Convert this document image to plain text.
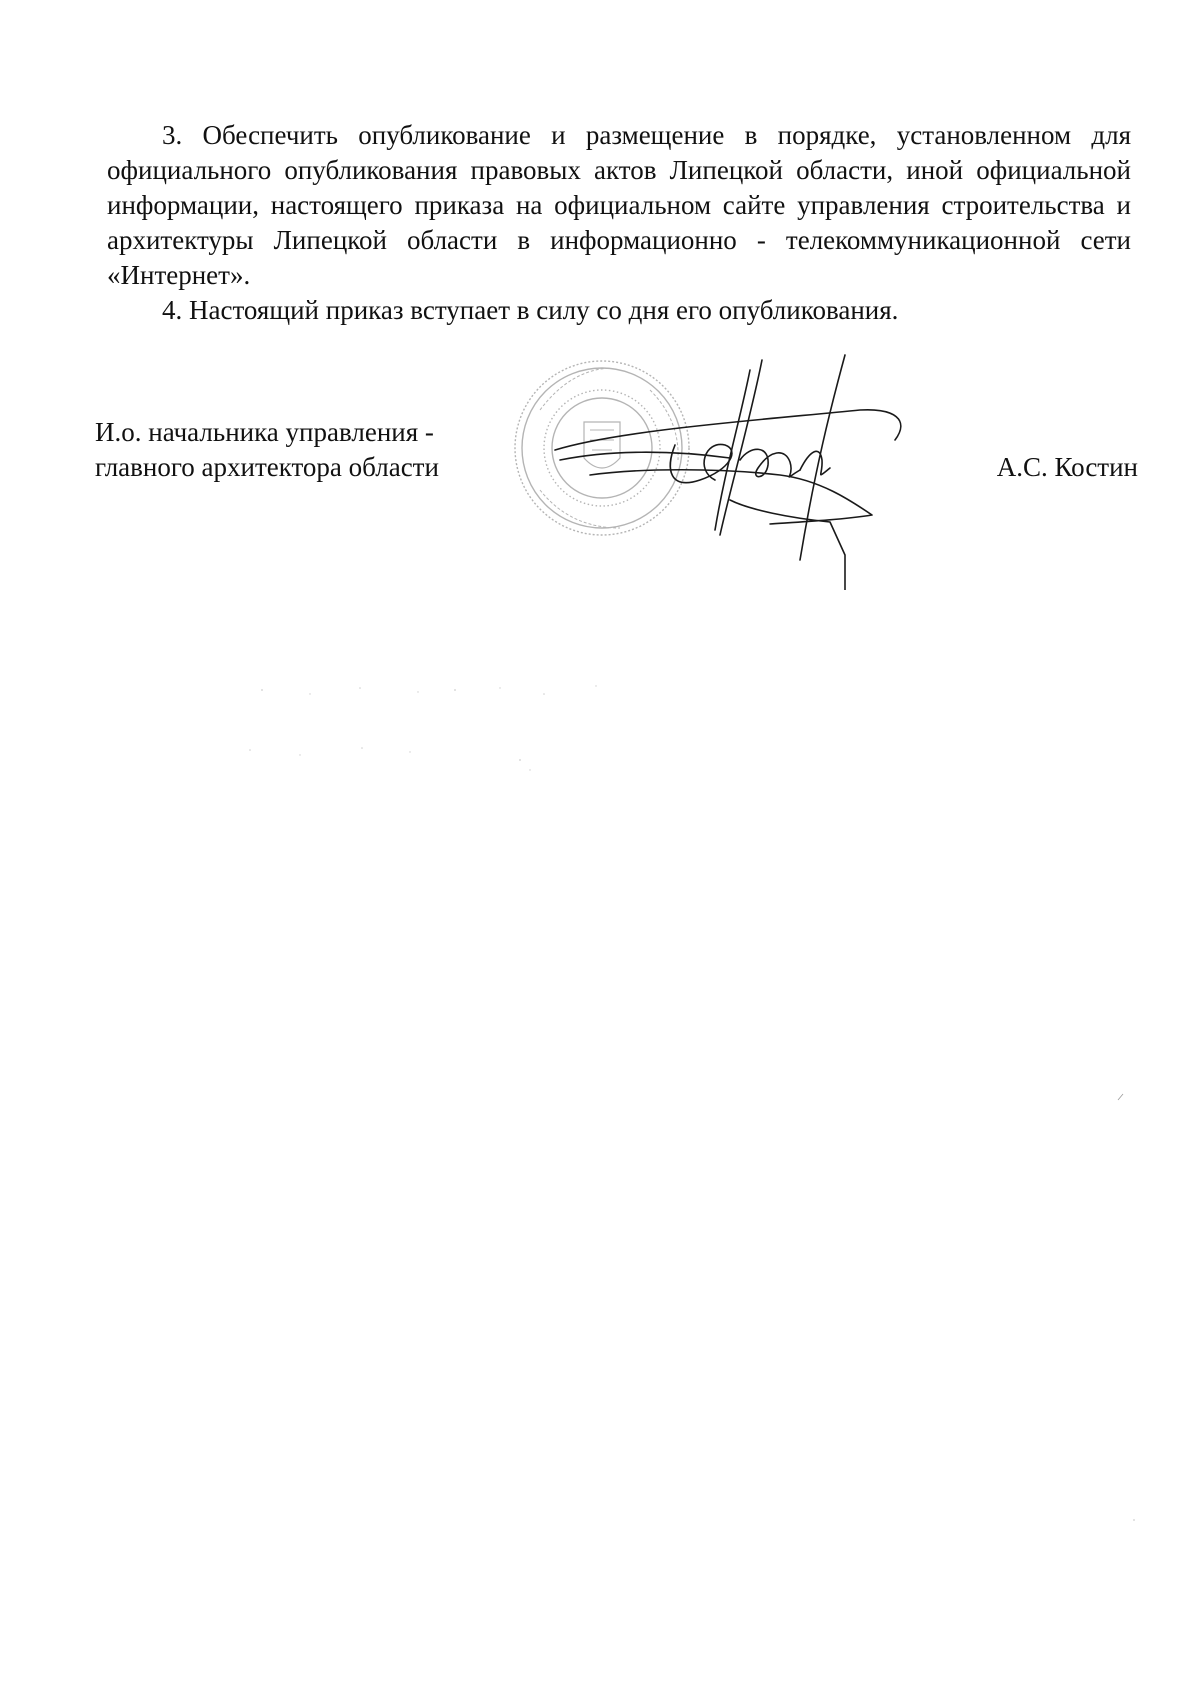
3. Обеспечить опубликование и размещение в порядке, установленном для официального опубликования правовых актов Липецкой области, иной официальной информации, настоящего приказа на официальном сайте управления строительства и архитектуры Липецкой области в информационно - телекоммуникационной сети «Интернет».

4. Настоящий приказ вступает в силу со дня его опубликования.

И.о. начальника управления -
главного архитектора области	А.С. Костин
